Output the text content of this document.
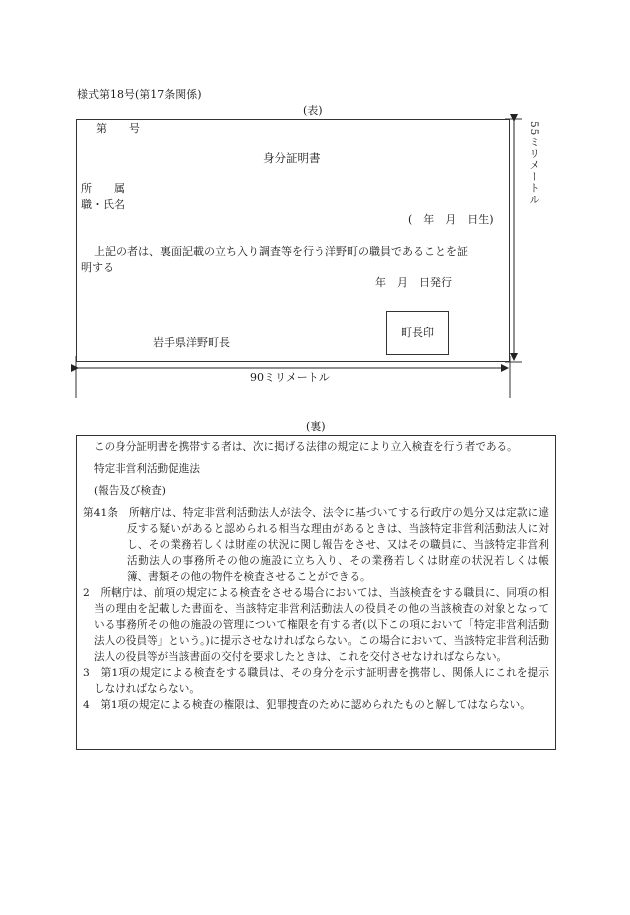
様式第18号(第17条関係)
(表)
第　　号
身分証明書
所　　属
職・氏名
(　年　月　日生)
上記の者は、裏面記載の立ち入り調査等を行う洋野町の職員であることを証
明する
年　月　日発行
岩手県洋野町長
町長印
55ミリメートル
90ミリメートル
(裏)

この身分証明書を携帯する者は、次に掲げる法律の規定により立入検査を行う者である。

特定非営利活動促進法

(報告及び検査)

第41条　所轄庁は、特定非営利活動法人が法令、法令に基づいてする行政庁の処分又は定款に違反する疑いがあると認められる相当な理由があるときは、当該特定非営利活動法人に対し、その業務若しくは財産の状況に関し報告をさせ、又はその職員に、当該特定非営利活動法人の事務所その他の施設に立ち入り、その業務若しくは財産の状況若しくは帳簿、書類その他の物件を検査させることができる。

2　所轄庁は、前項の規定による検査をさせる場合においては、当該検査をする職員に、同項の相当の理由を記載した書面を、当該特定非営利活動法人の役員その他の当該検査の対象となっている事務所その他の施設の管理について権限を有する者(以下この項において「特定非営利活動法人の役員等」という。)に提示させなければならない。この場合において、当該特定非営利活動法人の役員等が当該書面の交付を要求したときは、これを交付させなければならない。

3　第1項の規定による検査をする職員は、その身分を示す証明書を携帯し、関係人にこれを提示しなければならない。

4　第1項の規定による検査の権限は、犯罪捜査のために認められたものと解してはならない。
